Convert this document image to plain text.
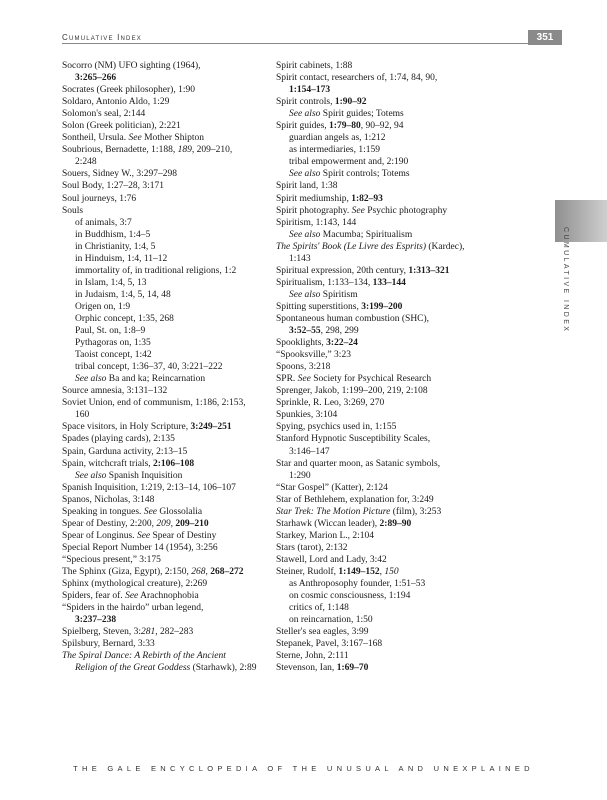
Cumulative Index	351
Socorro (NM) UFO sighting (1964),
3:265–266
Socrates (Greek philosopher), 1:90
Soldaro, Antonio Aldo, 1:29
Solomon's seal, 2:144
Solon (Greek politician), 2:221
Sontheil, Ursula. See Mother Shipton
Soubrious, Bernadette, 1:188, 189, 209–210,
2:248
Souers, Sidney W., 3:297–298
Soul Body, 1:27–28, 3:171
Soul journeys, 1:76
Souls
of animals, 3:7
in Buddhism, 1:4–5
in Christianity, 1:4, 5
in Hinduism, 1:4, 11–12
immortality of, in traditional religions, 1:2
in Islam, 1:4, 5, 13
in Judaism, 1:4, 5, 14, 48
Origen on, 1:9
Orphic concept, 1:35, 268
Paul, St. on, 1:8–9
Pythagoras on, 1:35
Taoist concept, 1:42
tribal concept, 1:36–37, 40, 3:221–222
See also Ba and ka; Reincarnation
Source amnesia, 3:131–132
Soviet Union, end of communism, 1:186, 2:153,
160
Space visitors, in Holy Scripture, 3:249–251
Spades (playing cards), 2:135
Spain, Garduna activity, 2:13–15
Spain, witchcraft trials, 2:106–108
See also Spanish Inquisition
Spanish Inquisition, 1:219, 2:13–14, 106–107
Spanos, Nicholas, 3:148
Speaking in tongues. See Glossolalia
Spear of Destiny, 2:200, 209, 209–210
Spear of Longinus. See Spear of Destiny
Special Report Number 14 (1954), 3:256
“Specious present,” 3:175
The Sphinx (Giza, Egypt), 2:150, 268, 268–272
Sphinx (mythological creature), 2:269
Spiders, fear of. See Arachnophobia
“Spiders in the hairdo” urban legend,
3:237–238
Spielberg, Steven, 3:281, 282–283
Spilsbury, Bernard, 3:33
The Spiral Dance: A Rebirth of the Ancient
Religion of the Great Goddess (Starhawk), 2:89
Spirit cabinets, 1:88
Spirit contact, researchers of, 1:74, 84, 90,
1:154–173
Spirit controls, 1:90–92
See also Spirit guides; Totems
Spirit guides, 1:79–80, 90–92, 94
guardian angels as, 1:212
as intermediaries, 1:159
tribal empowerment and, 2:190
See also Spirit controls; Totems
Spirit land, 1:38
Spirit mediumship, 1:82–93
Spirit photography. See Psychic photography
Spiritism, 1:143, 144
See also Macumba; Spiritualism
The Spirits' Book (Le Livre des Esprits) (Kardec),
1:143
Spiritual expression, 20th century, 1:313–321
Spiritualism, 1:133–134, 133–144
See also Spiritism
Spitting superstitions, 3:199–200
Spontaneous human combustion (SHC),
3:52–55, 298, 299
Spooklights, 3:22–24
“Spooksville,” 3:23
Spoons, 3:218
SPR. See Society for Psychical Research
Sprenger, Jakob, 1:199–200, 219, 2:108
Sprinkle, R. Leo, 3:269, 270
Spunkies, 3:104
Spying, psychics used in, 1:155
Stanford Hypnotic Susceptibility Scales,
3:146–147
Star and quarter moon, as Satanic symbols,
1:290
“Star Gospel” (Katter), 2:124
Star of Bethlehem, explanation for, 3:249
Star Trek: The Motion Picture (film), 3:253
Starhawk (Wiccan leader), 2:89–90
Starkey, Marion L., 2:104
Stars (tarot), 2:132
Stawell, Lord and Lady, 3:42
Steiner, Rudolf, 1:149–152, 150
as Anthroposophy founder, 1:51–53
on cosmic consciousness, 1:194
critics of, 1:148
on reincarnation, 1:50
Steller's sea eagles, 3:99
Stepanek, Pavel, 3:167–168
Sterne, John, 2:111
Stevenson, Ian, 1:69–70
CUMULATIVE INDEX
THE GALE ENCYCLOPEDIA OF THE UNUSUAL AND UNEXPLAINED
